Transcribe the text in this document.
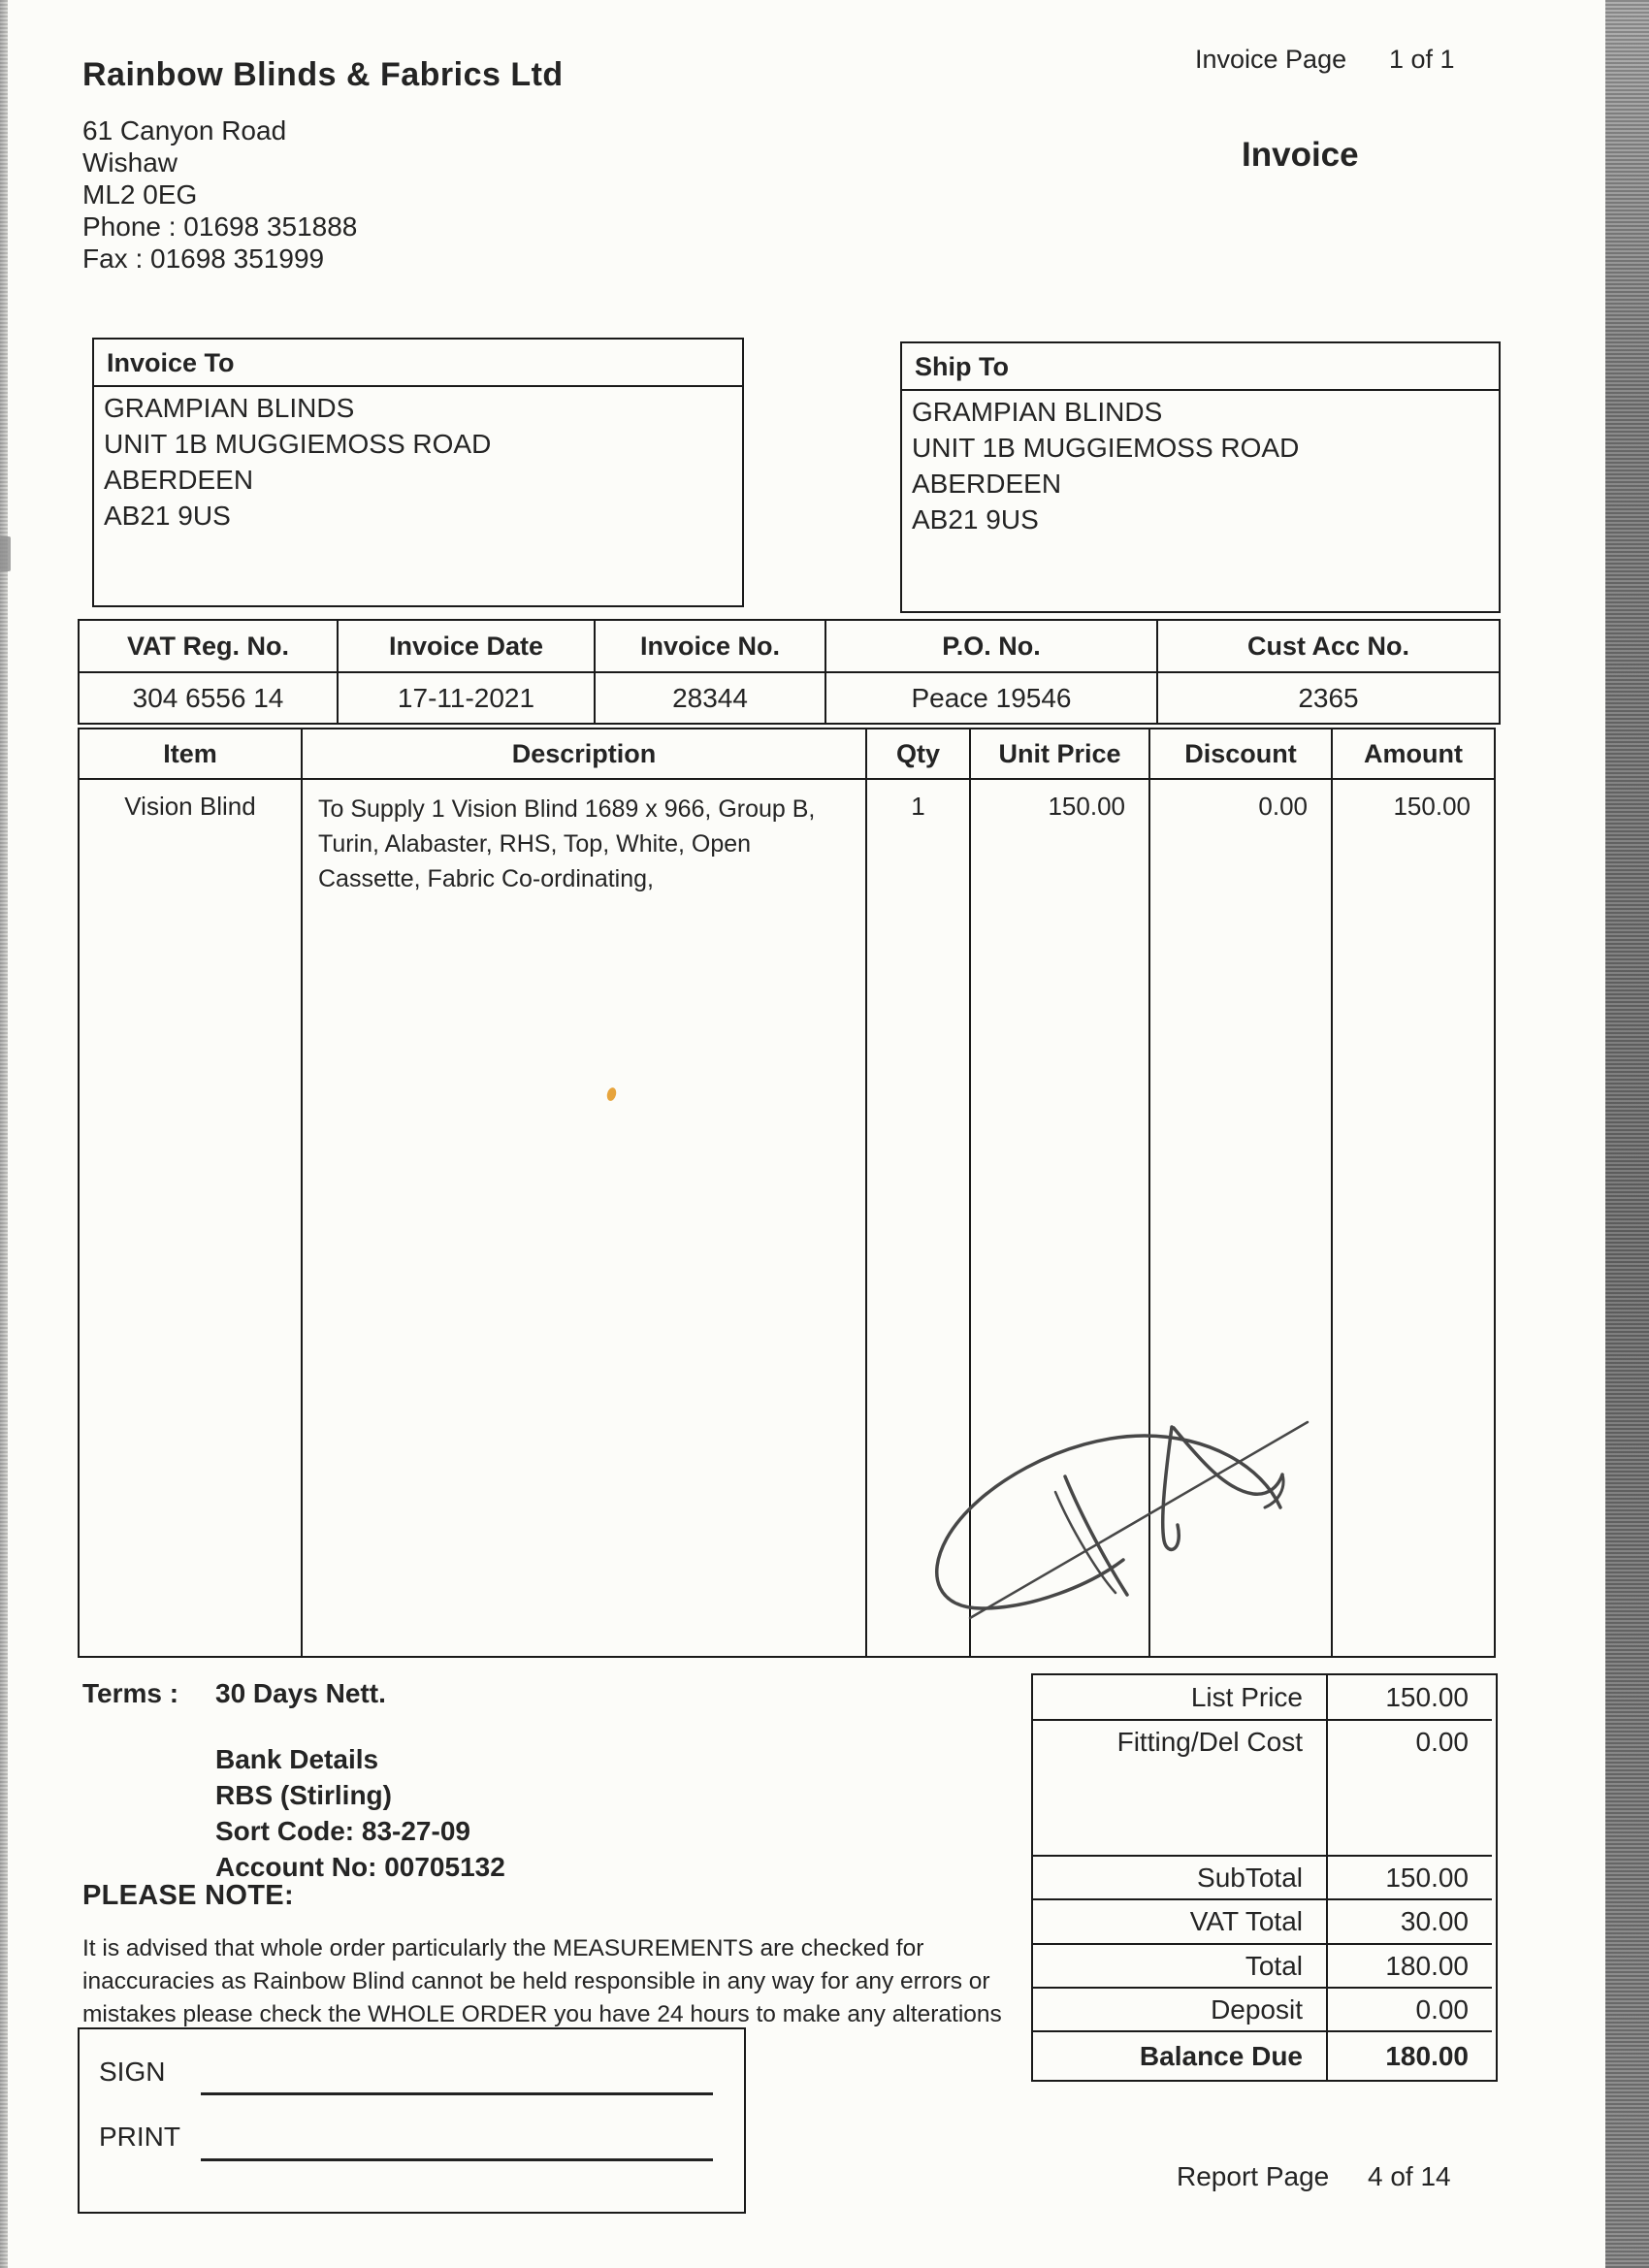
Rainbow Blinds & Fabrics Ltd
61 Canyon Road
Wishaw
ML2 0EG
Phone : 01698 351888
Fax : 01698 351999
Invoice Page 1 of 1
Invoice
Invoice To
GRAMPIAN BLINDS
UNIT 1B MUGGIEMOSS ROAD
ABERDEEN
AB21 9US
Ship To
GRAMPIAN BLINDS
UNIT 1B MUGGIEMOSS ROAD
ABERDEEN
AB21 9US
VAT Reg. No.	Invoice Date	Invoice No.	P.O. No.	Cust Acc No.
304 6556 14	17-11-2021	28344	Peace 19546	2365
Item	Description	Qty	Unit Price	Discount	Amount
Vision Blind	To Supply 1 Vision Blind 1689 x 966, Group B,
Turin, Alabaster, RHS, Top, White, Open
Cassette, Fabric Co-ordinating,
1	150.00	0.00	150.00
Terms : 30 Days Nett.
Bank Details
RBS (Stirling)
Sort Code: 83-27-09
Account No: 00705132
PLEASE NOTE:
It is advised that whole order particularly the MEASUREMENTS are checked for
inaccuracies as Rainbow Blind cannot be held responsible in any way for any errors or
mistakes please check the WHOLE ORDER you have 24 hours to make any alterations
List Price	150.00
Fitting/Del Cost	0.00
SubTotal	150.00
VAT Total	30.00
Total	180.00
Deposit	0.00
Balance Due	180.00
SIGN
PRINT
Report Page 4 of 14
